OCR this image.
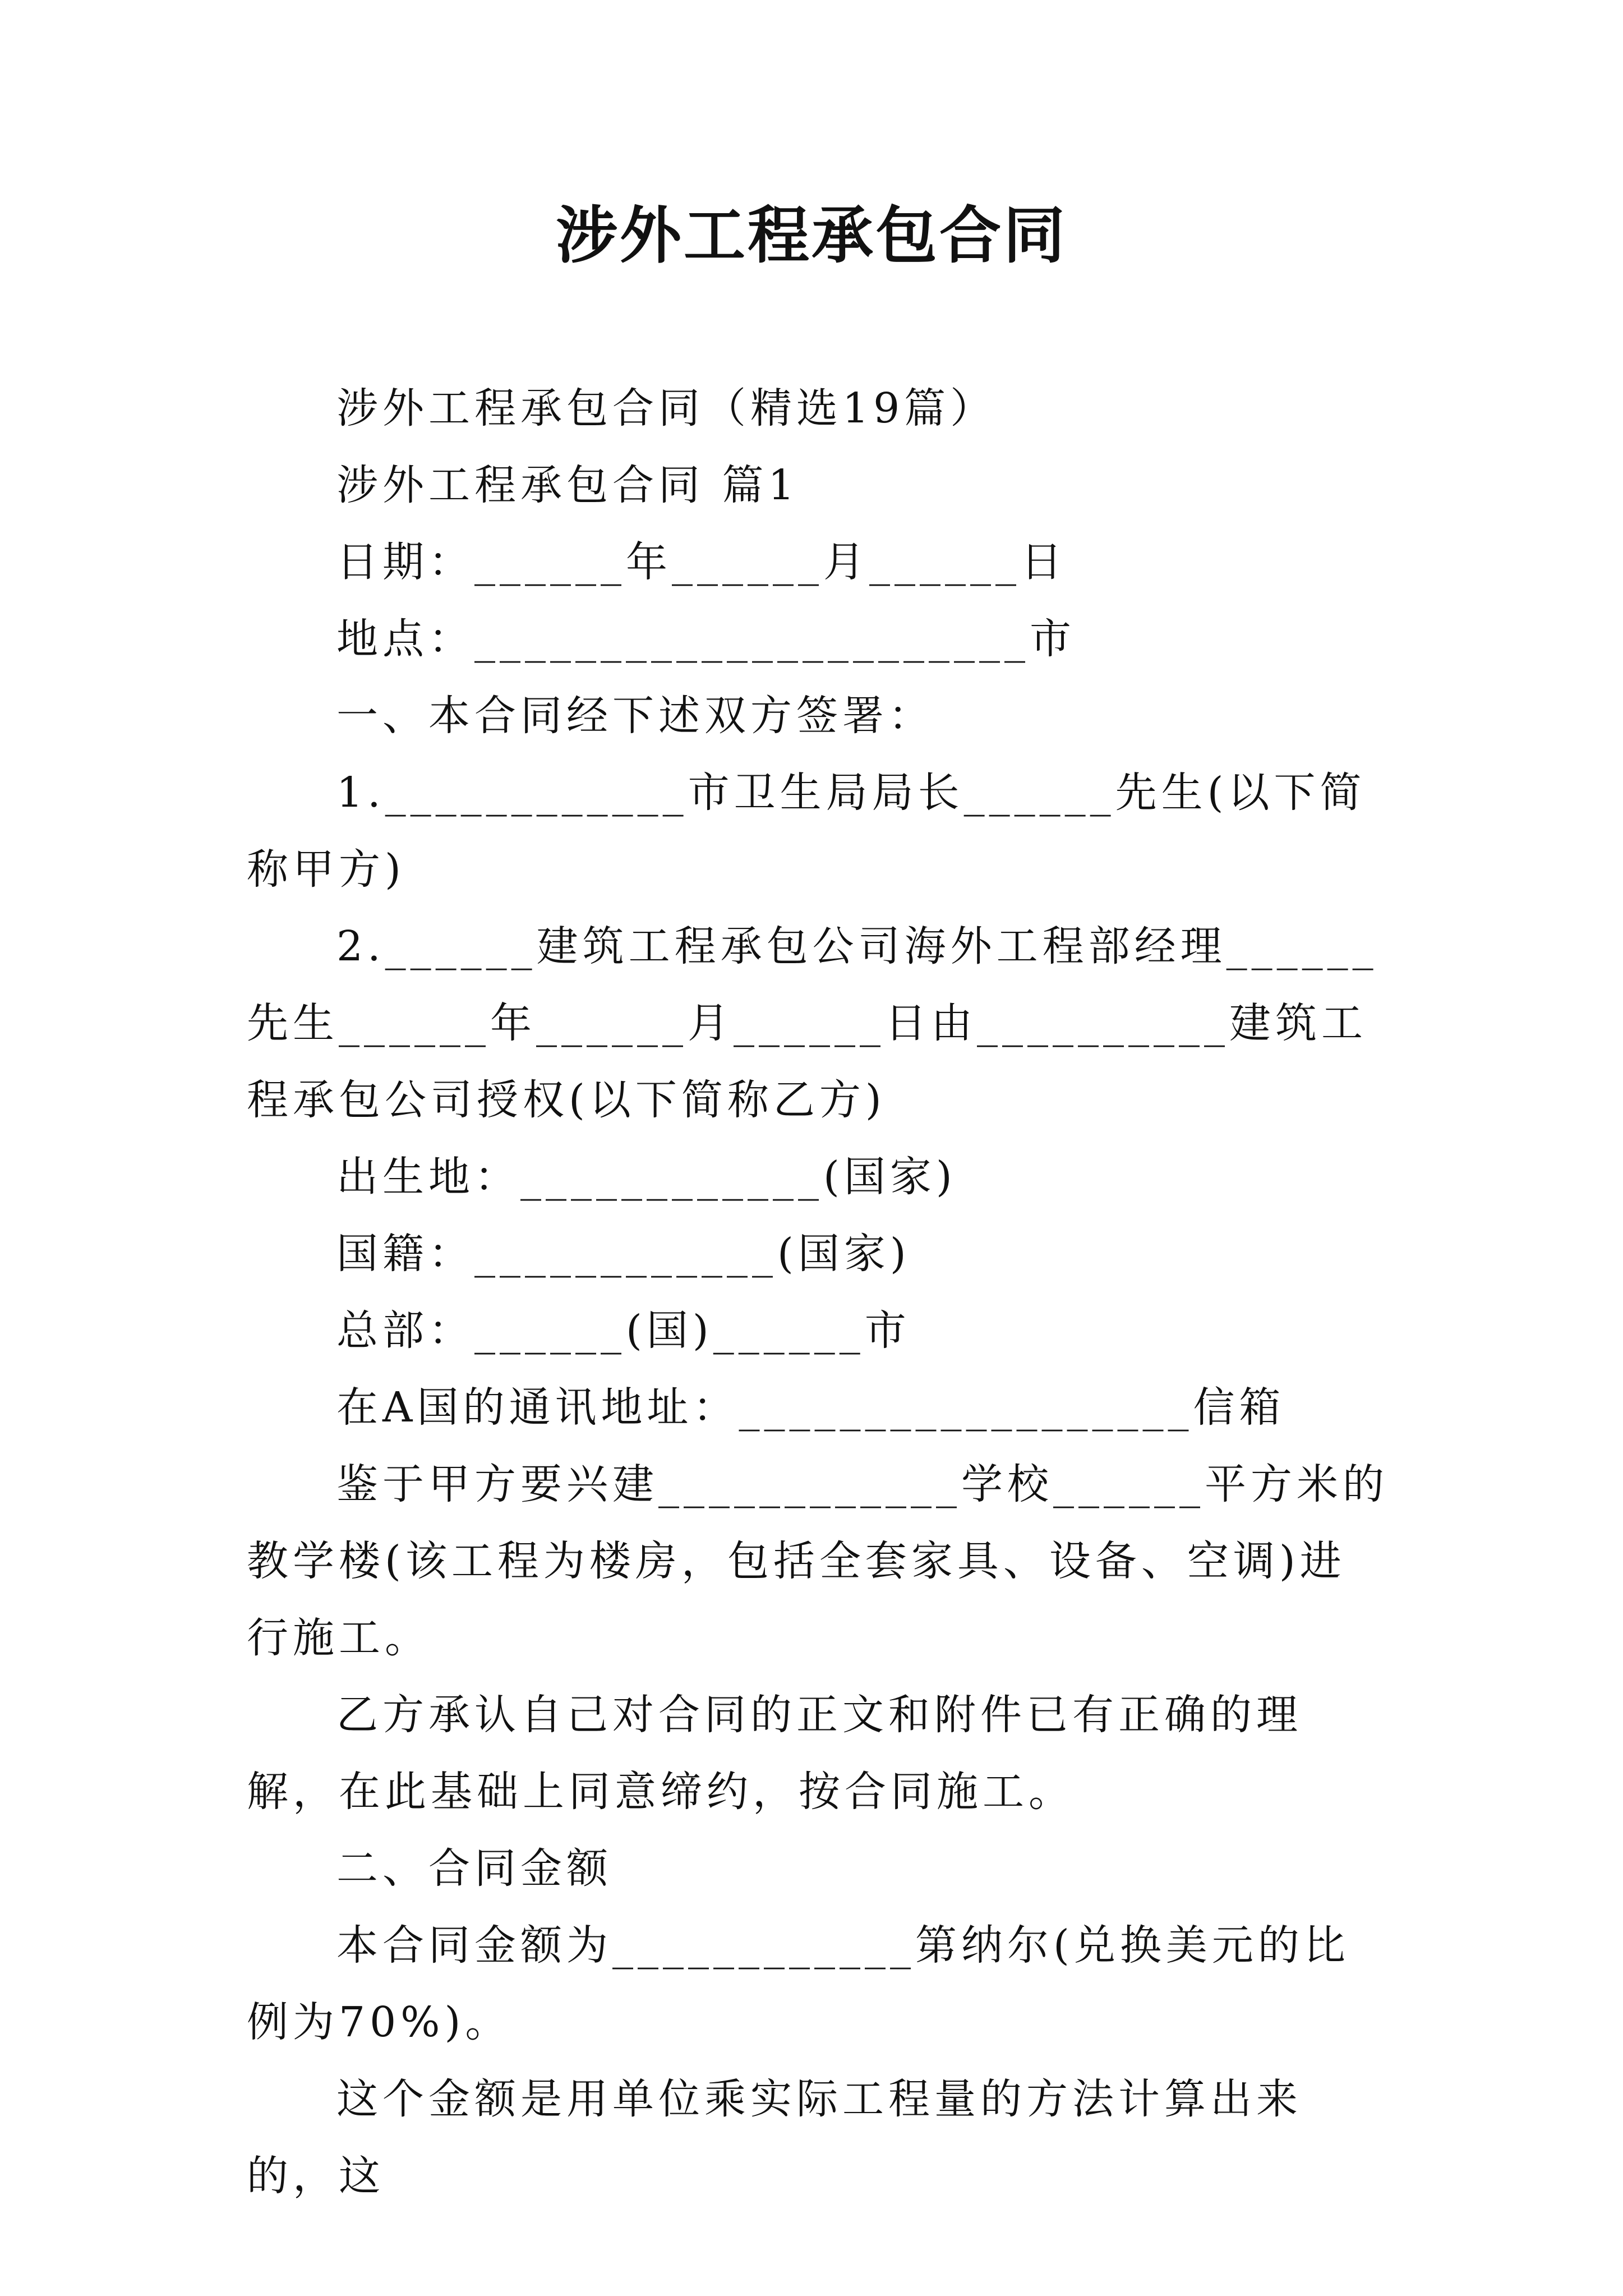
涉外工程承包合同

涉外工程承包合同（精选19篇）

涉外工程承包合同 篇1

日期：______年______月______日

地点：______________________市

一、本合同经下述双方签署：

1.____________市卫生局局长______先生(以下简称甲方)

2.______建筑工程承包公司海外工程部经理______先生______年______月______日由__________建筑工程承包公司授权(以下简称乙方)

出生地：____________(国家)

国籍：____________(国家)

总部：______(国)______市

在A国的通讯地址：__________________信箱

鉴于甲方要兴建____________学校______平方米的教学楼(该工程为楼房，包括全套家具、设备、空调)进行施工。

乙方承认自己对合同的正文和附件已有正确的理解，在此基础上同意缔约，按合同施工。

二、合同金额

本合同金额为____________第纳尔(兑换美元的比例为70%)。

这个金额是用单位乘实际工程量的方法计算出来的，这
